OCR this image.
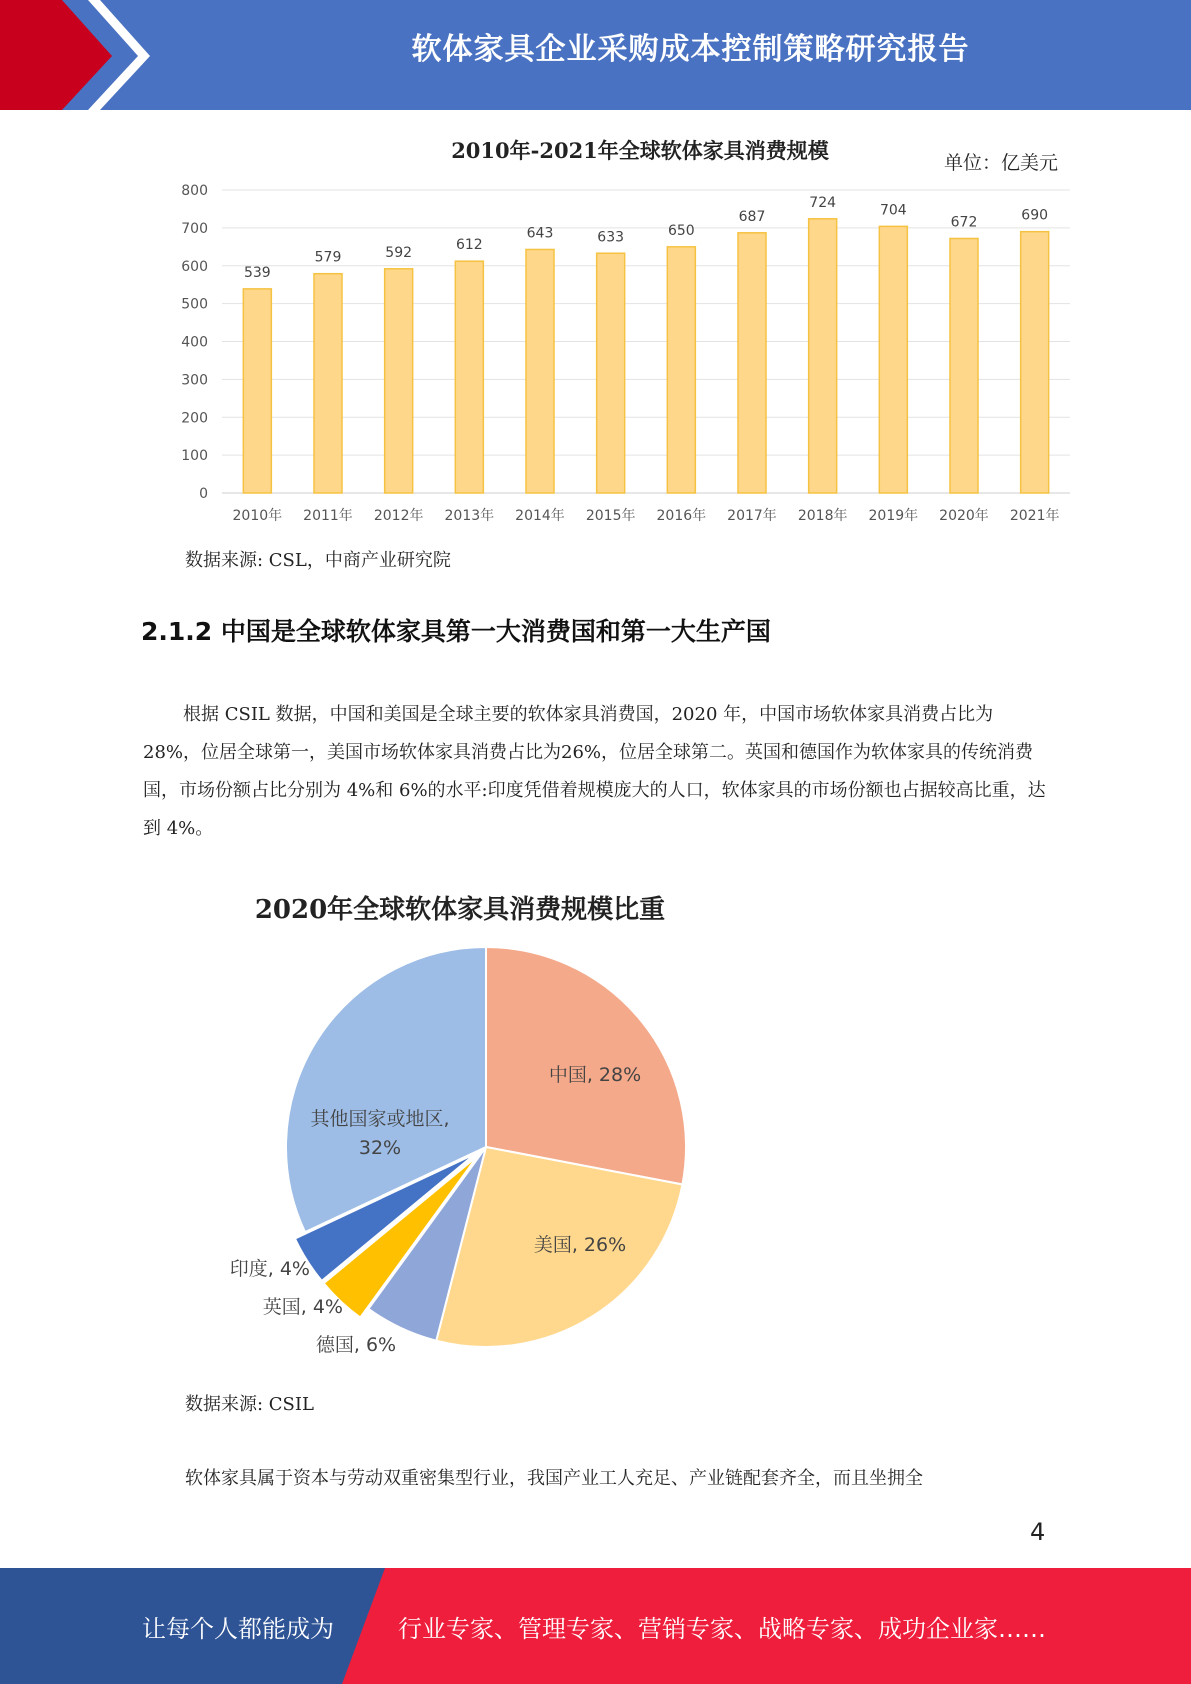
软体家具企业采购成本控制策略研究报告
2010年-2021年全球软体家具消费规模	单位：亿美元
0
100
200
300
400
500
600
700
800
539
579	592	612
643	633	650
687
724	704
672	690
2010年 2011年 2012年 2013年 2014年 2015年 2016年 2017年 2018年 2019年 2020年 2021年
数据来源: CSL，中商产业研究院
2.1.2 中国是全球软体家具第一大消费国和第一大生产国

根据 CSIL 数据，中国和美国是全球主要的软体家具消费国，2020 年，中国市场软体家具消费占比为 28%，位居全球第一，美国市场软体家具消费占比为26%，位居全球第二。英国和德国作为软体家具的传统消费国，市场份额占比分别为 4%和 6%的水平:印度凭借着规模庞大的人口，软体家具的市场份额也占据较高比重，达到 4%。

2020年全球软体家具消费规模比重
中国, 28%
美国, 26%
德国, 6%
英国, 4%
印度, 4%
其他国家或地区,
32%
数据来源: CSIL

软体家具属于资本与劳动双重密集型行业，我国产业工人充足、产业链配套齐全，而且坐拥全

4
让每个人都能成为	行业专家、管理专家、营销专家、战略专家、成功企业家……
